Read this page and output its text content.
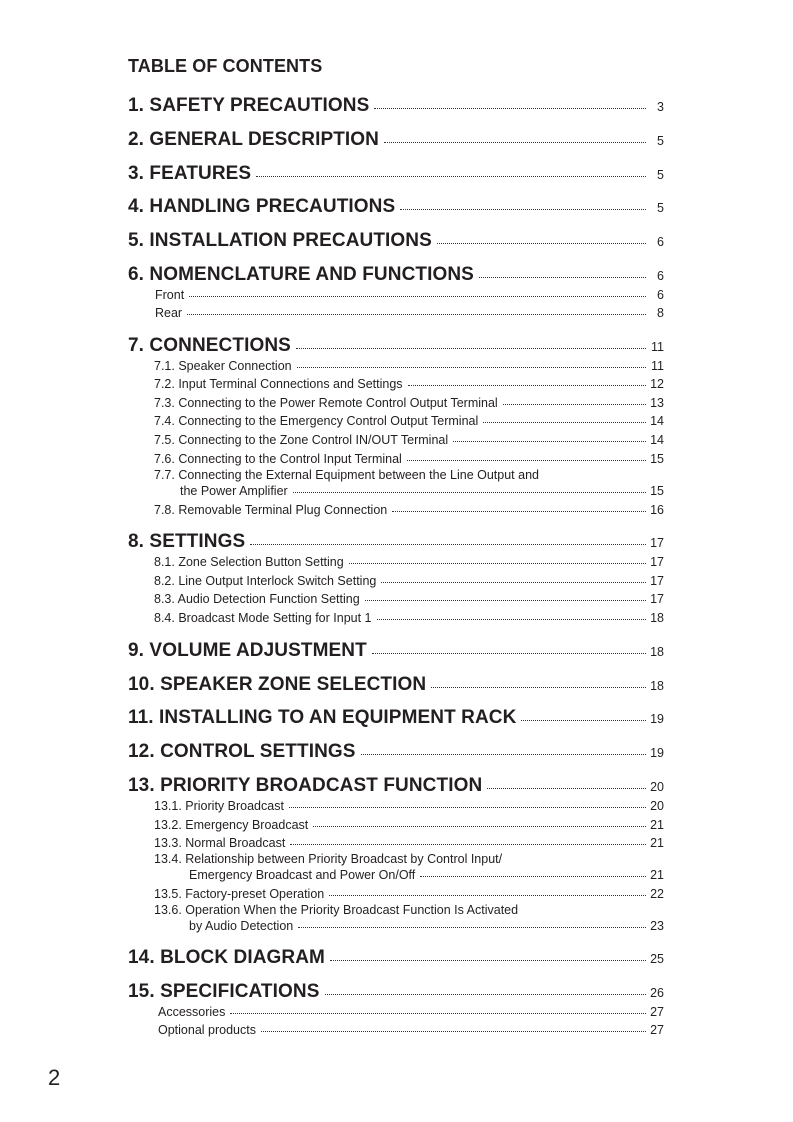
TABLE OF CONTENTS
1. SAFETY PRECAUTIONS	3
2. GENERAL DESCRIPTION	5
3. FEATURES	5
4. HANDLING PRECAUTIONS	5
5. INSTALLATION PRECAUTIONS	6
6. NOMENCLATURE AND FUNCTIONS	6
Front	6
Rear	8
7. CONNECTIONS	11
7.1. Speaker Connection	11
7.2. Input Terminal Connections and Settings	12
7.3. Connecting to the Power Remote Control Output Terminal	13
7.4. Connecting to the Emergency Control Output Terminal	14
7.5. Connecting to the Zone Control IN/OUT Terminal	14
7.6. Connecting to the Control Input Terminal	15
7.7. Connecting the External Equipment between the Line Output and
the Power Amplifier	15
7.8. Removable Terminal Plug Connection	16
8. SETTINGS	17
8.1. Zone Selection Button Setting	17
8.2. Line Output Interlock Switch Setting	17
8.3. Audio Detection Function Setting	17
8.4. Broadcast Mode Setting for Input 1	18
9. VOLUME ADJUSTMENT	18
10. SPEAKER ZONE SELECTION	18
11. INSTALLING TO AN EQUIPMENT RACK	19
12. CONTROL SETTINGS	19
13. PRIORITY BROADCAST FUNCTION	20
13.1. Priority Broadcast	20
13.2. Emergency Broadcast	21
13.3. Normal Broadcast	21
13.4. Relationship between Priority Broadcast by Control Input/
Emergency Broadcast and Power On/Off	21
13.5. Factory-preset Operation	22
13.6. Operation When the Priority Broadcast Function Is Activated
by Audio Detection	23
14. BLOCK DIAGRAM	25
15. SPECIFICATIONS	26
Accessories	27
Optional products	27
2
